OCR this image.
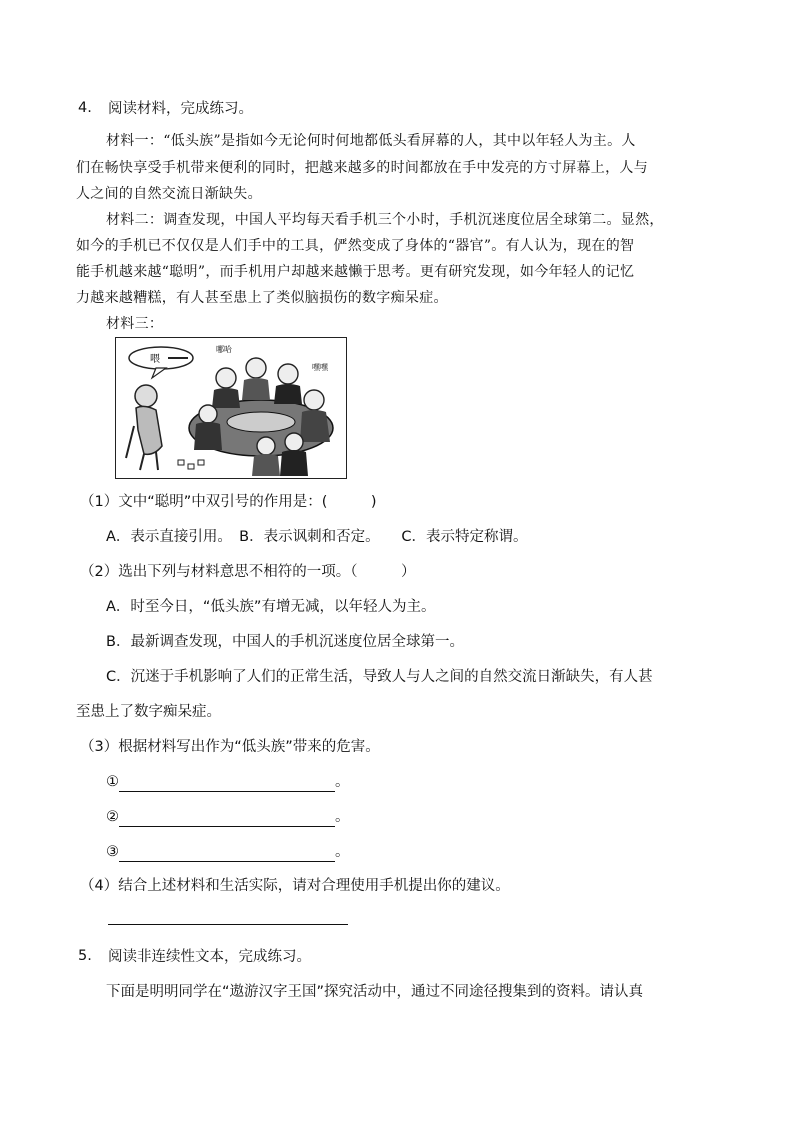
4. 阅读材料，完成练习。
材料一：“低头族”是指如今无论何时何地都低头看屏幕的人，其中以年轻人为主。人
们在畅快享受手机带来便利的同时，把越来越多的时间都放在手中发亮的方寸屏幕上，人与
人之间的自然交流日渐缺失。
材料二：调查发现，中国人平均每天看手机三个小时，手机沉迷度位居全球第二。显然，
如今的手机已不仅仅是人们手中的工具，俨然变成了身体的“器官”。有人认为，现在的智
能手机越来越“聪明”，而手机用户却越来越懒于思考。更有研究发现，如今年轻人的记忆
力越来越糟糕，有人甚至患上了类似脑损伤的数字痴呆症。
材料三：
喂
哪哈
嘿嘿
（1）文中“聪明”中双引号的作用是：(　　　)
A．表示直接引用。　B．表示讽刺和否定。　　C．表示特定称谓。
（2）选出下列与材料意思不相符的一项。（　　　）
A．时至今日，“低头族”有增无减，以年轻人为主。
B．最新调查发现，中国人的手机沉迷度位居全球第一。
C．沉迷于手机影响了人们的正常生活，导致人与人之间的自然交流日渐缺失，有人甚
至患上了数字痴呆症。
（3）根据材料写出作为“低头族”带来的危害。
①	。
②	。
③	。
（4）结合上述材料和生活实际，请对合理使用手机提出你的建议。
5. 阅读非连续性文本，完成练习。
下面是明明同学在“遨游汉字王国”探究活动中，通过不同途径搜集到的资料。请认真
